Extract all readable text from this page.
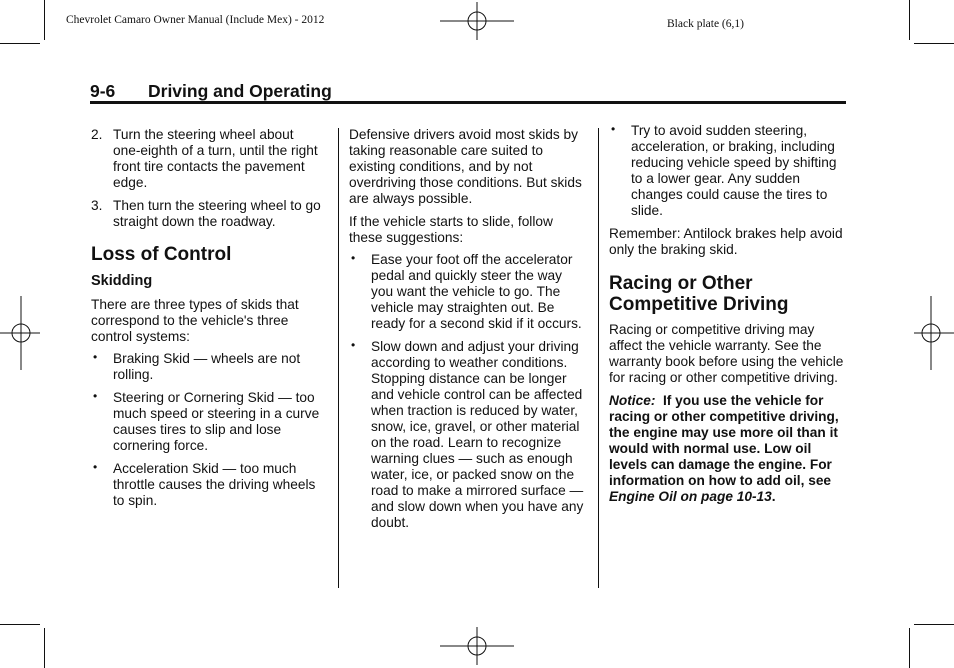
Chevrolet Camaro Owner Manual (Include Mex) - 2012	Black plate (6,1)
9-6 Driving and Operating
2. Turn the steering wheel about one-eighth of a turn, until the right front tire contacts the pavement edge.
3. Then turn the steering wheel to go straight down the roadway.
Loss of Control
Skidding

There are three types of skids that correspond to the vehicle's three control systems:

• Braking Skid — wheels are not rolling.
• Steering or Cornering Skid — too much speed or steering in a curve causes tires to slip and lose cornering force.
• Acceleration Skid — too much throttle causes the driving wheels to spin.

Defensive drivers avoid most skids by taking reasonable care suited to existing conditions, and by not overdriving those conditions. But skids are always possible.

If the vehicle starts to slide, follow these suggestions:

• Ease your foot off the accelerator pedal and quickly steer the way you want the vehicle to go. The vehicle may straighten out. Be ready for a second skid if it occurs.
• Slow down and adjust your driving according to weather conditions. Stopping distance can be longer and vehicle control can be affected when traction is reduced by water, snow, ice, gravel, or other material on the road. Learn to recognize warning clues — such as enough water, ice, or packed snow on the road to make a mirrored surface — and slow down when you have any doubt.
• Try to avoid sudden steering, acceleration, or braking, including reducing vehicle speed by shifting to a lower gear. Any sudden changes could cause the tires to slide.

Remember: Antilock brakes help avoid only the braking skid.

Racing or Other
Competitive Driving

Racing or competitive driving may affect the vehicle warranty. See the warranty book before using the vehicle for racing or other competitive driving.

Notice: If you use the vehicle for racing or other competitive driving, the engine may use more oil than it would with normal use. Low oil levels can damage the engine. For information on how to add oil, see Engine Oil on page 10-13.
